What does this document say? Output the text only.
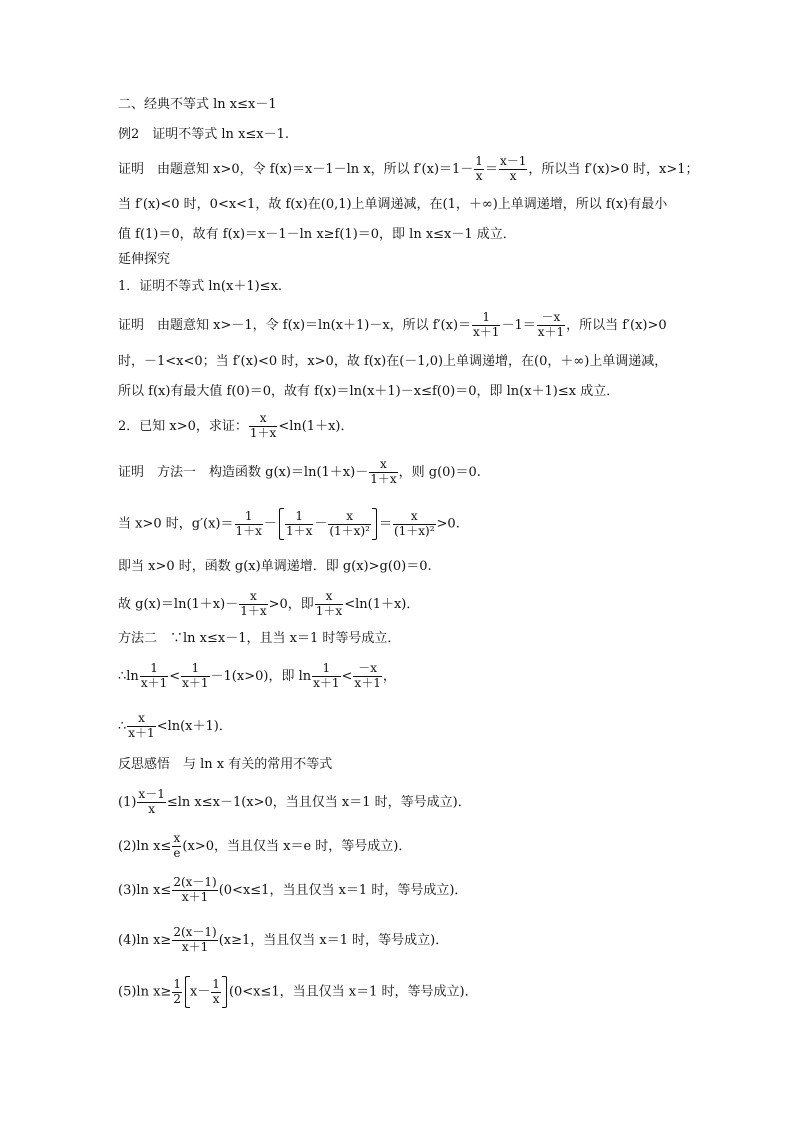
二、经典不等式 ln x≤x－1
例2　证明不等式 ln x≤x－1.
证明　由题意知 x>0，令 f(x)＝x－1－ln x，所以 $f'(x)=1- \frac{1}{x} = \frac{x-1}{x}$ ，所以当 f′(x)>0 时，x>1；
当 f′(x)<0 时，0<x<1，故 f(x)在(0,1)上单调递减，在(1，＋∞)上单调递增，所以 f(x)有最小
值 f(1)＝0，故有 f(x)＝x－1－ln x≥f(1)＝0，即 ln x≤x－1 成立．
延伸探究
1．证明不等式 ln(x＋1)≤x.
证明　由题意知 x>－1，令 f(x)＝ln(x＋1)－x，所以 $f'(x)= \frac{1}{x+1} -1= \frac{-x}{x+1}$ ，所以当 f′(x)>0
时，－1<x<0；当 f′(x)<0 时，x>0，故 f(x)在(－1,0)上单调递增，在(0，＋∞)上单调递减，
所以 f(x)有最大值 f(0)＝0，故有 f(x)＝ln(x＋1)－x≤f(0)＝0，即 ln(x＋1)≤x 成立．
2．已知 x>0，求证： $\frac{x}{1+x} <\ln(1+x)$．
证明　方法一　构造函数 $g(x)=\ln(1+x)- \frac{x}{1+x}$ ，则 g(0)＝0.
当 x>0 时，$g'(x)= \frac{1}{1+x} - \frac{1}{1+x} - \frac{x}{\text{(1＋x)²}} = \frac{x}{\text{(1＋x)²}} >0$.
即当 x>0 时，函数 g(x)单调递增．即 g(x)>g(0)＝0.
故 $g(x)=\ln(1+x)- \frac{x}{1+x} >0$，即 $\frac{x}{1+x} <\ln(1+x)$．
方法二　∵ln x≤x－1，且当 x＝1 时等号成立．
∴ln $\frac{1}{x+1} < \frac{1}{x+1} -1(x>0)$，即 $\ln \frac{1}{x+1} < \frac{-x}{x+1}$ ，
∴ $\frac{x}{x+1} <\ln(x+1)$．
反思感悟　与 ln x 有关的常用不等式
$(1) \frac{x-1}{x} \le\ln$ x≤x－1(x>0，当且仅当 x＝1 时，等号成立)．
(2)ln $x\le \frac{x}{e} (x>0$，当且仅当 x＝e 时，等号成立)．
(3)ln $x\le \frac{2(x-1)}{x+1} (0<x\le 1$，当且仅当 x＝1 时，等号成立)．
(4)ln $x\ge \frac{2(x-1)}{x+1} (x\ge 1$，当且仅当 x＝1 时，等号成立)．
(5)ln $x\ge \frac{1}{2} x- \frac{1}{x} (0<x\le 1$，当且仅当 x＝1 时，等号成立)．
